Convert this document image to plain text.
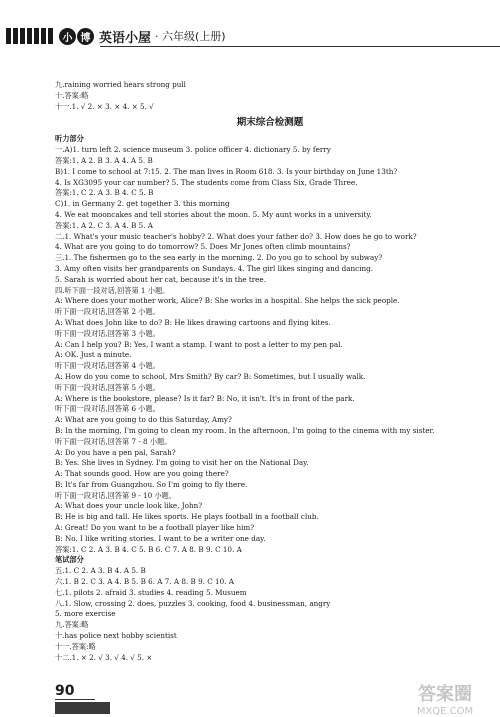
小 博 英语小屋 · 六年级(上册)
九.raining worried hears strong pull
十.答案:略
十一.1. √ 2. × 3. × 4. × 5. √
期末综合检测题
听力部分
一.A)1. turn left 2. science museum 3. police officer 4. dictionary 5. by ferry
答案:1. A 2. B 3. A 4. A 5. B
B)1. I come to school at 7:15. 2. The man lives in Room 618. 3. Is your birthday on June 13th?
4. Is XG3095 your car number? 5. The students come from Class Six, Grade Three.
答案:1. C 2. A 3. B 4. C 5. B
C)1. in Germany 2. get together 3. this morning
4. We eat mooncakes and tell stories about the moon. 5. My aunt works in a university.
答案:1. A 2. C 3. A 4. B 5. A
二.1. What's your music teacher's hobby? 2. What does your father do? 3. How does he go to work?
4. What are you going to do tomorrow? 5. Does Mr Jones often climb mountains?
三.1. The fishermen go to the sea early in the morning. 2. Do you go to school by subway?
3. Amy often visits her grandparents on Sundays. 4. The girl likes singing and dancing.
5. Sarah is worried about her cat, because it's in the tree.
四.听下面一段对话,回答第 1 小题。
A: Where does your mother work, Alice? B: She works in a hospital. She helps the sick people.
听下面一段对话,回答第 2 小题。
A: What does John like to do? B: He likes drawing cartoons and flying kites.
听下面一段对话,回答第 3 小题。
A: Can I help you? B: Yes, I want a stamp. I want to post a letter to my pen pal.
A: OK. Just a minute.
听下面一段对话,回答第 4 小题。
A: How do you come to school, Mrs Smith? By car? B: Sometimes, but I usually walk.
听下面一段对话,回答第 5 小题。
A: Where is the bookstore, please? Is it far? B: No, it isn't. It's in front of the park.
听下面一段对话,回答第 6 小题。
A: What are you going to do this Saturday, Amy?
B: In the morning, I'm going to clean my room. In the afternoon, I'm going to the cinema with my sister.
听下面一段对话,回答第 7 - 8 小题。
A: Do you have a pen pal, Sarah?
B: Yes. She lives in Sydney. I'm going to visit her on the National Day.
A: That sounds good. How are you going there?
B: It's far from Guangzhou. So I'm going to fly there.
听下面一段对话,回答第 9 - 10 小题。
A: What does your uncle look like, John?
B: He is big and tall. He likes sports. He plays football in a football club.
A: Great! Do you want to be a football player like him?
B: No. I like writing stories. I want to be a writer one day.
答案:1. C 2. A 3. B 4. C 5. B 6. C 7. A 8. B 9. C 10. A
笔试部分
五.1. C 2. A 3. B 4. A 5. B
六.1. B 2. C 3. A 4. B 5. B 6. A 7. A 8. B 9. C 10. A
七.1. pilots 2. afraid 3. studies 4. reading 5. Musuem
八.1. Slow, crossing 2. does, puzzles 3. cooking, food 4. businessman, angry
5. more exercise
九.答案:略
十.has police next hobby scientist
十一.答案:略
十二.1. × 2. √ 3. √ 4. √ 5. ×
90	答案圈
MXQE.COM
